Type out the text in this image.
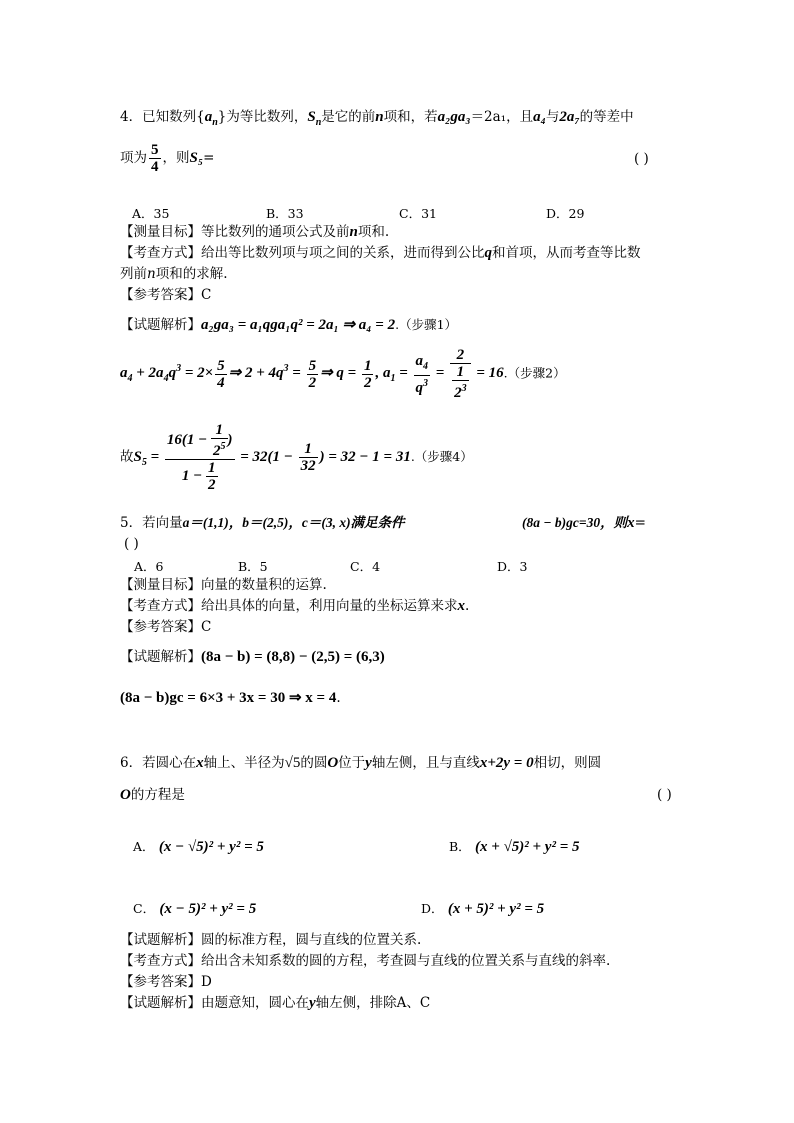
4．已知数列$\{a_n\}$为等比数列，$S_n$是它的前n项和，若a₂ga₃＝2a₁，且a₄与2a₇的等差中
项为 $\frac{5}{4}$ ，则S₅=	( )
A．35	B．33	C．31	D．29
【测量目标】等比数列的通项公式及前n项和.
【考查方式】给出等比数列项与项之间的关系，进而得到公比q和首项，从而考查等比数
列前n项和的求解.
【参考答案】C
【试题解析】a₂ga₃ = a₁qga₁q² = 2a₁ ⇒ a₄ = 2.（步骤1）
$a_4 + 2a_4q^3 = 2\times \frac{5}{4}$ ⇒ $2 + 4q^3 = \frac{5}{2}$ ⇒ $q = \frac{1}{2}$ , $a_1 = \frac{a_4}{q^3} = \frac{2}{\frac{1}{2^3}} = 16$.（步骤2）
故$S_5 = \frac{16(1 - \frac{1}{2^5} )}{1 - \frac{1}{2}} = 32(1 - \frac{1}{32}$ ) = 32 − 1 = 31.（步骤4）
5．若向量a＝(1,1)，b＝(2,5)，c＝(3, x)满足条件	(8a − b)gc=30，则x=
( )
A．6	B．5	C．4	D．3
【测量目标】向量的数量积的运算.
【考查方式】给出具体的向量，利用向量的坐标运算来求x.
【参考答案】C
【试题解析】(8a − b) = (8,8) − (2,5) = (6,3)
(8a − b)gc = 6×3 + 3x = 30 ⇒ x = 4.
6．若圆心在x轴上、半径为√5的圆O位于y轴左侧，且与直线x+2y = 0相切，则圆
O的方程是	( )
A． (x − √5)² + y² = 5	B． (x + √5)² + y² = 5
C． (x − 5)² + y² = 5	D． (x + 5)² + y² = 5
【试题解析】圆的标准方程，圆与直线的位置关系.
【考查方式】给出含未知系数的圆的方程，考查圆与直线的位置关系与直线的斜率.
【参考答案】D
【试题解析】由题意知，圆心在y轴左侧，排除A、C
